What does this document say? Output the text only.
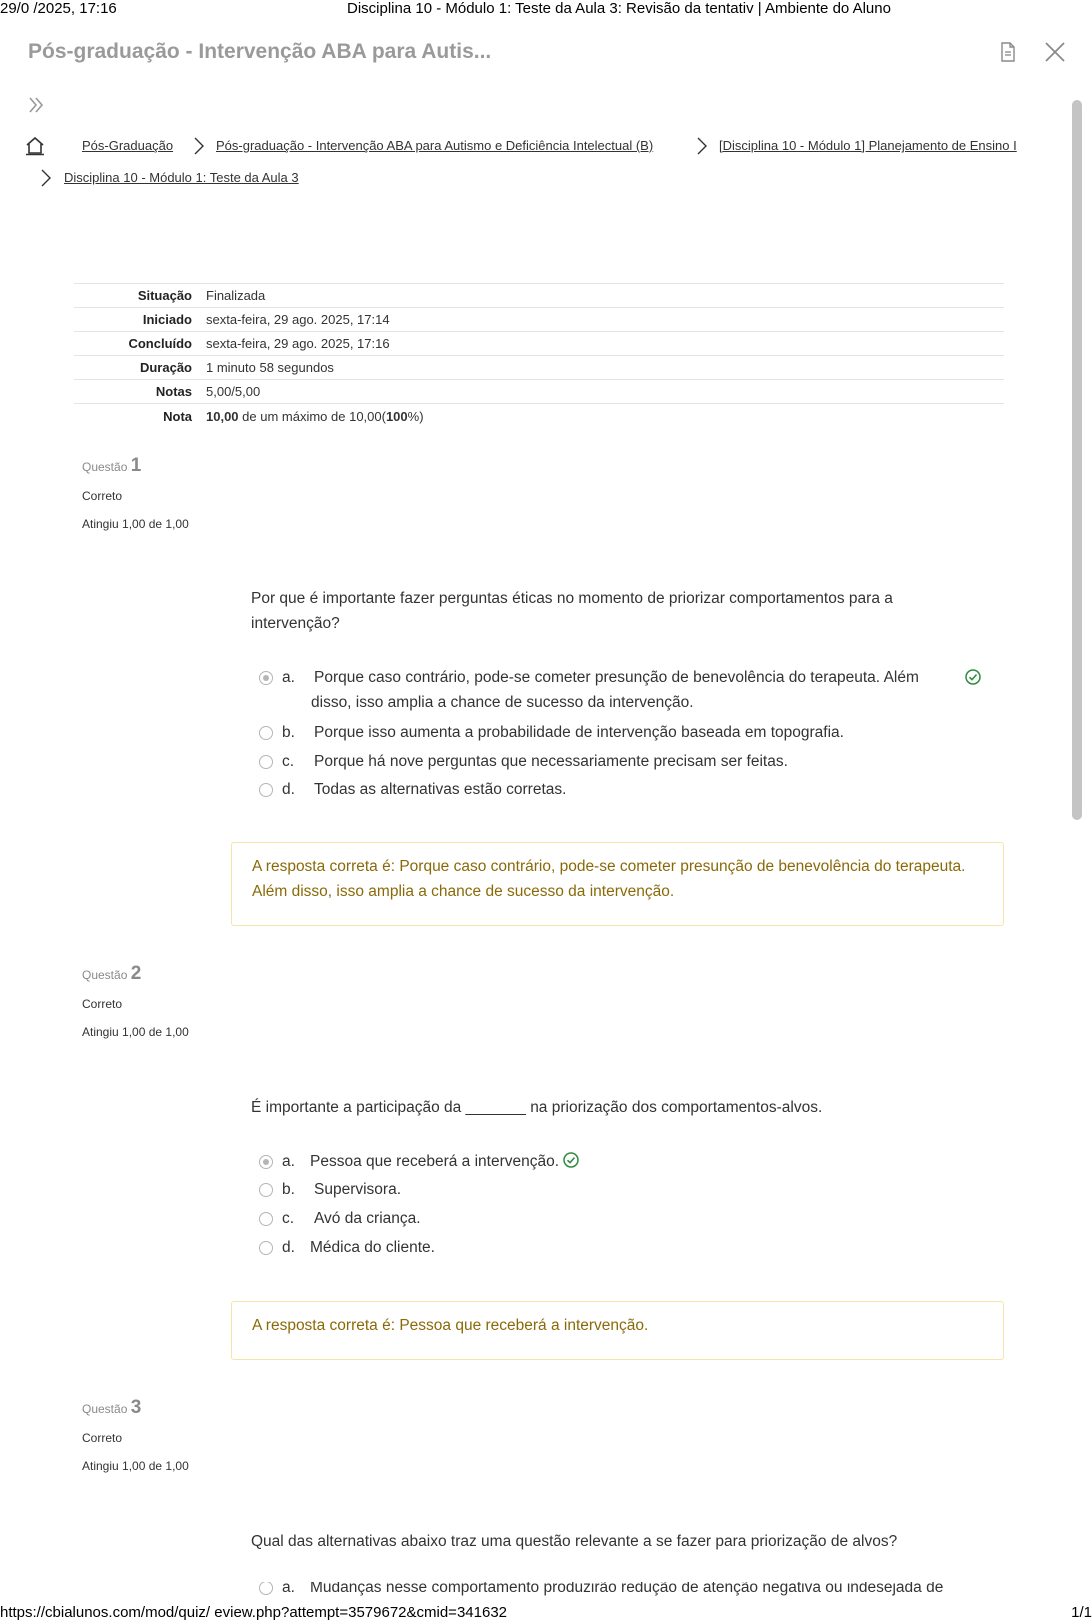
29/0 /2025, 17:16	Disciplina 10 - Módulo 1: Teste da Aula 3: Revisão da tentativ | Ambiente do Aluno
Pós-graduação - Intervenção ABA para Autis...
Pós-Graduação	Pós-graduação - Intervenção ABA para Autismo e Deficiência Intelectual (B)	[Disciplina 10 - Módulo 1] Planejamento de Ensino I
Disciplina 10 - Módulo 1: Teste da Aula 3
Situação	Finalizada
Iniciado	sexta-feira, 29 ago. 2025, 17:14
Concluído	sexta-feira, 29 ago. 2025, 17:16
Duração	1 minuto 58 segundos
Notas	5,00/5,00
Nota	10,00 de um máximo de 10,00(100%)
Questão 1
Correto
Atingiu 1,00 de 1,00
Por que é importante fazer perguntas éticas no momento de priorizar comportamentos para a intervenção?
a. Porque caso contrário, pode-se cometer presunção de benevolência do terapeuta. Além disso, isso amplia a chance de sucesso da intervenção.
b. Porque isso aumenta a probabilidade de intervenção baseada em topografia.
c. Porque há nove perguntas que necessariamente precisam ser feitas.
d. Todas as alternativas estão corretas.
A resposta correta é: Porque caso contrário, pode-se cometer presunção de benevolência do terapeuta. Além disso, isso amplia a chance de sucesso da intervenção.
Questão 2
Correto
Atingiu 1,00 de 1,00
É importante a participação da _______ na priorização dos comportamentos-alvos.
a. Pessoa que receberá a intervenção.
b. Supervisora.
c. Avó da criança.
d. Médica do cliente.
A resposta correta é: Pessoa que receberá a intervenção.
Questão 3
Correto
Atingiu 1,00 de 1,00
Qual das alternativas abaixo traz uma questão relevante a se fazer para priorização de alvos?
a. Mudanças nesse comportamento produzirão redução de atenção negativa ou indesejada de
https://cbialunos.com/mod/quiz/ eview.php?attempt=3579672&cmid=341632	1/1
